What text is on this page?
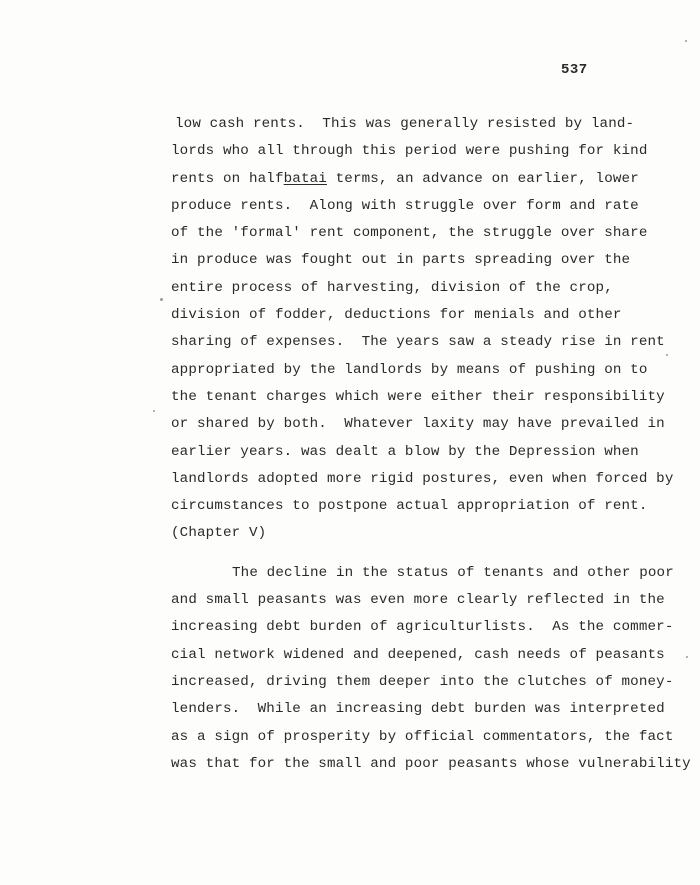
537
low cash rents.  This was generally resisted by land-
lords who all through this period were pushing for kind
rents on halfbatai terms, an advance on earlier, lower
produce rents.  Along with struggle over form and rate
of the 'formal' rent component, the struggle over share
in produce was fought out in parts spreading over the
entire process of harvesting, division of the crop,
division of fodder, deductions for menials and other
sharing of expenses.  The years saw a steady rise in rent
appropriated by the landlords by means of pushing on to
the tenant charges which were either their responsibility
or shared by both.  Whatever laxity may have prevailed in
earlier years. was dealt a blow by the Depression when
landlords adopted more rigid postures, even when forced by
circumstances to postpone actual appropriation of rent.
(Chapter V)
The decline in the status of tenants and other poor
and small peasants was even more clearly reflected in the
increasing debt burden of agriculturlists.  As the commer-
cial network widened and deepened, cash needs of peasants
increased, driving them deeper into the clutches of money-
lenders.  While an increasing debt burden was interpreted
as a sign of prosperity by official commentators, the fact
was that for the small and poor peasants whose vulnerability
